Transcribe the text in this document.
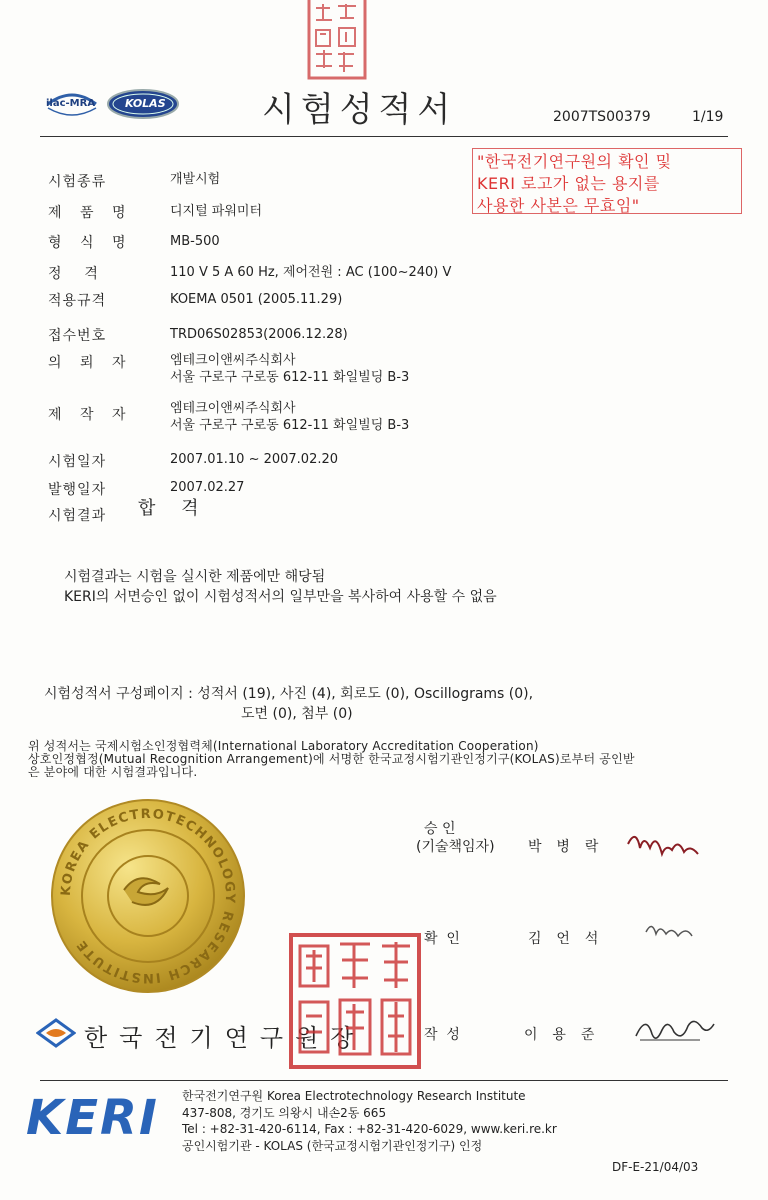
ilac-MRA	KOLAS	시험성적서	2007TS00379	1/19
"한국전기연구원의 확인 및
KERI 로고가 없는 용지를
사용한 사본은 무효임"
시험종류	개발시험
제 품 명	디지털 파워미터
형 식 명	MB-500
정    격	110 V 5 A 60 Hz, 제어전원 : AC (100~240) V
적용규격	KOEMA 0501 (2005.11.29)
접수번호	TRD06S02853(2006.12.28)
의 뢰 자	엠테크이앤씨주식회사
서울 구로구 구로동 612-11 화일빌딩 B-3
제 작 자	엠테크이앤씨주식회사
서울 구로구 구로동 612-11 화일빌딩 B-3
시험일자	2007.01.10 ~ 2007.02.20
발행일자	2007.02.27
시험결과	합 격
시험결과는 시험을 실시한 제품에만 해당됨
KERI의 서면승인 없이 시험성적서의 일부만을 복사하여 사용할 수 없음
시험성적서 구성페이지 : 성적서 (19), 사진 (4), 회로도 (0), Oscillograms (0),
도면 (0), 첨부 (0)
위 성적서는 국제시험소인정협력체(International Laboratory Accreditation Cooperation)
상호인정협정(Mutual Recognition Arrangement)에 서명한 한국교정시험기관인정기구(KOLAS)로부터 공인받
은 분야에 대한 시험결과입니다.
KOREA ELECTROTECHNOLOGY RESEARCH INSTITUTE
한국전기연구원장
승 인
(기술책임자) 박  병  락
확  인	김  언  석
작  성	이  용  준
KERI 한국전기연구원 Korea Electrotechnology Research Institute
437-808, 경기도 의왕시 내손2동 665
Tel : +82-31-420-6114, Fax : +82-31-420-6029, www.keri.re.kr
공인시험기관 - KOLAS (한국교정시험기관인정기구) 인정
DF-E-21/04/03
